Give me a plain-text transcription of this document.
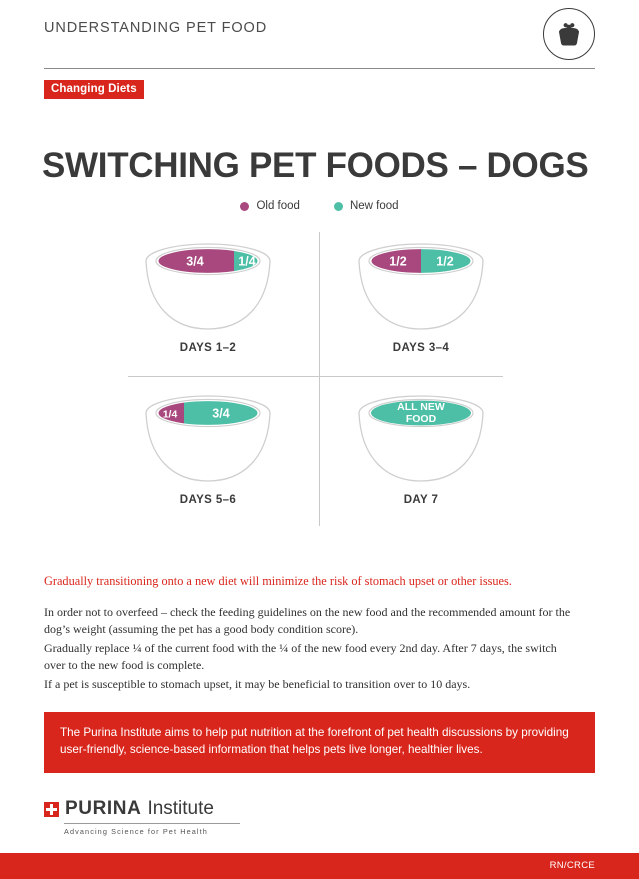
UNDERSTANDING PET FOOD
Changing Diets
SWITCHING PET FOODS – DOGS
Old food	New food
3/4	1/4
DAYS 1–2
1/2 1/2
DAYS 3–4
1/4	3/4
DAYS 5–6
ALL NEW
FOOD
DAY 7

Gradually transitioning onto a new diet will minimize the risk of stomach upset or other issues.

In order not to overfeed – check the feeding guidelines on the new food and the recommended amount for the dog’s weight (assuming the pet has a good body condition score).

Gradually replace ¼ of the current food with the ¼ of the new food every 2nd day. After 7 days, the switch over to the new food is complete.

If a pet is susceptible to stomach upset, it may be beneficial to transition over to 10 days.

The Purina Institute aims to help put nutrition at the forefront of pet health discussions by providing user-friendly, science-based information that helps pets live longer, healthier lives.
PURINA Institute
Advancing Science for Pet Health
RN/CRCE
